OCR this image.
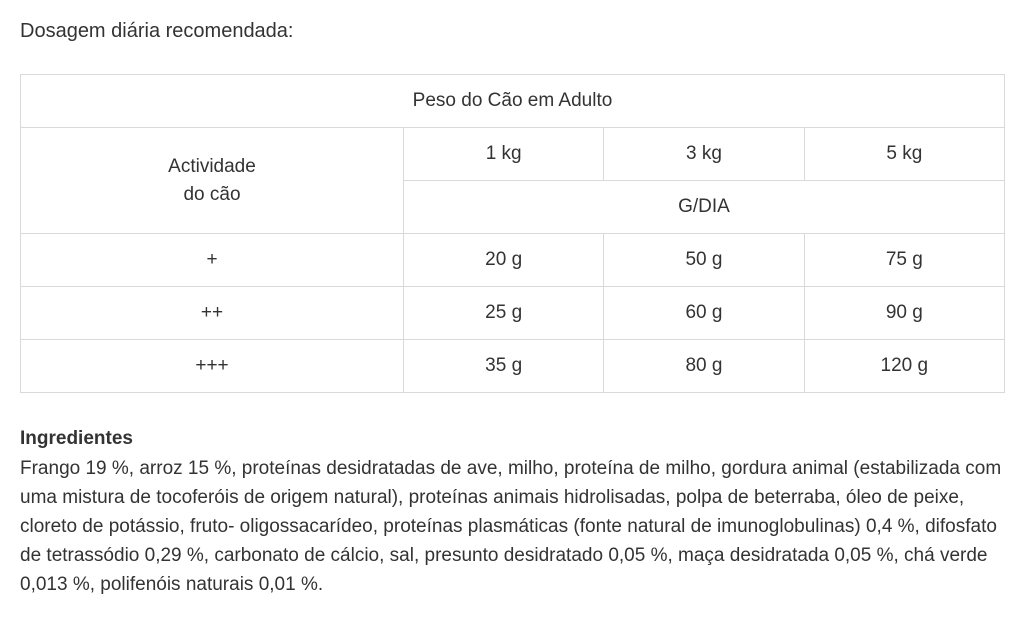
Dosagem diária recomendada:

Peso do Cão em Adulto			
Actividade
do cão	1 kg	3 kg	5 kg
	G/DIA		
+	20 g	50 g	75 g
++	25 g	60 g	90 g
+++	35 g	80 g	120 g
Ingredientes

Frango 19 %, arroz 15 %, proteínas desidratadas de ave, milho, proteína de milho, gordura animal (estabilizada com uma mistura de tocoferóis de origem natural), proteínas animais hidrolisadas, polpa de beterraba, óleo de peixe, cloreto de potássio, fruto- oligossacarídeo, proteínas plasmáticas (fonte natural de imunoglobulinas) 0,4 %, difosfato de tetrassódio 0,29 %, carbonato de cálcio, sal, presunto desidratado 0,05 %, maça desidratada 0,05 %, chá verde 0,013 %, polifenóis naturais 0,01 %.
